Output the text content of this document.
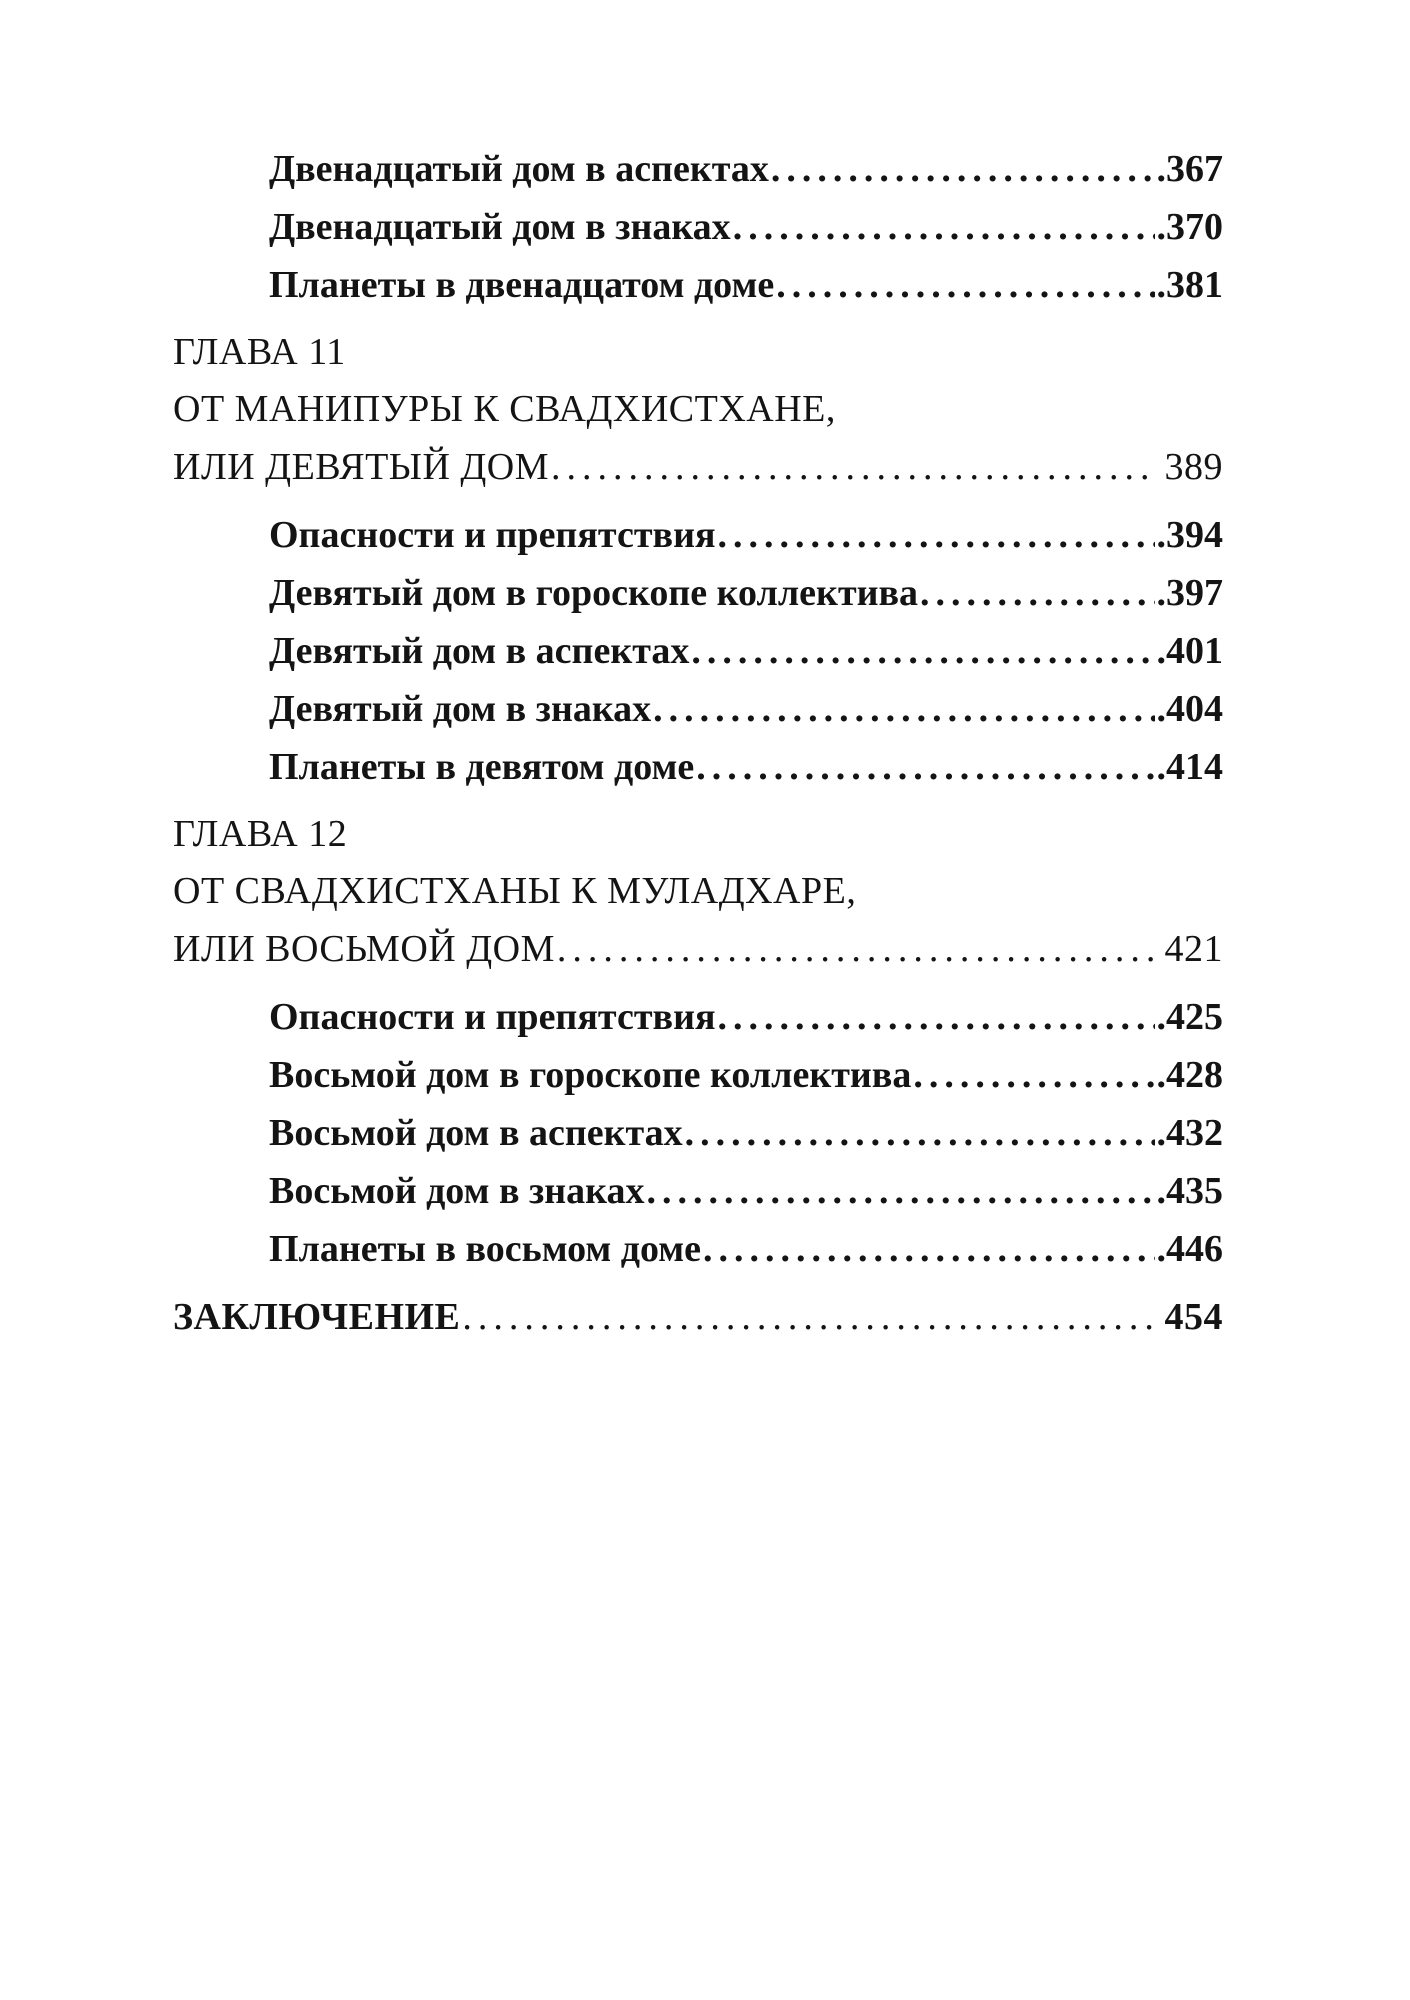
Двенадцатый дом в аспектах .....	.367
Двенадцатый дом в знаках .....	.370
Планеты в двенадцатом доме .....	.381
ГЛАВА 11
ОТ МАНИПУРЫ К СВАДХИСТХАНЕ,
ИЛИ ДЕВЯТЫЙ ДОМ .....	389
Опасности и препятствия .....	.394
Девятый дом в гороскопе коллектива .....	.397
Девятый дом в аспектах .....	.401
Девятый дом в знаках .....	.404
Планеты в девятом доме .....	.414
ГЛАВА 12
ОТ СВАДХИСТХАНЫ К МУЛАДХАРЕ,
ИЛИ ВОСЬМОЙ ДОМ .....	421
Опасности и препятствия .....	.425
Восьмой дом в гороскопе коллектива .....	.428
Восьмой дом в аспектах .....	.432
Восьмой дом в знаках .....	.435
Планеты в восьмом доме .....	.446
ЗАКЛЮЧЕНИЕ .....	454
